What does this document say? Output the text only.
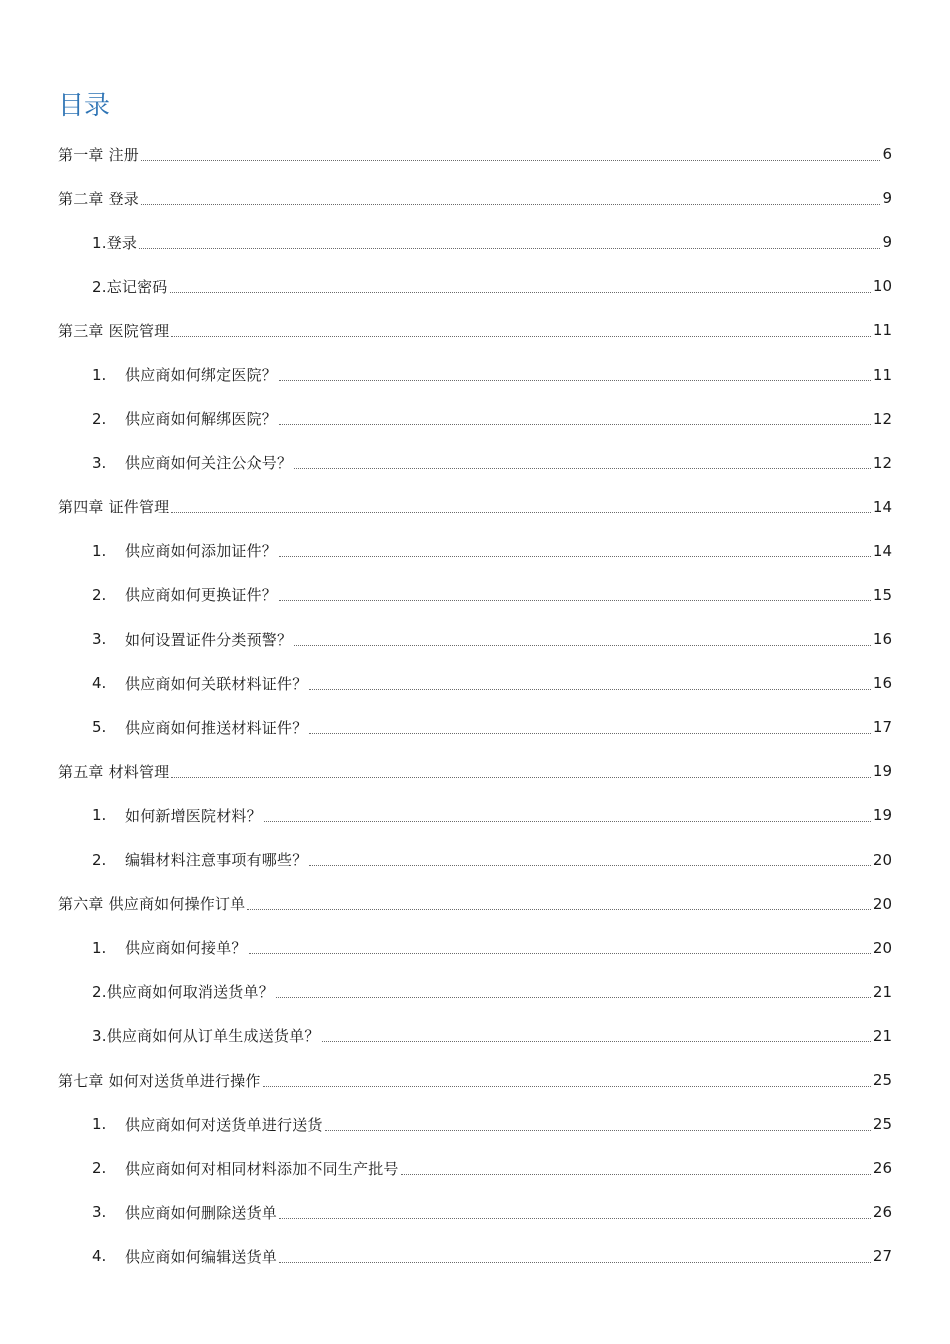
目录
第一章 注册	6
第二章 登录	9
1.登录	9
2.忘记密码	10
第三章 医院管理	11
1.	供应商如何绑定医院？	11
2.	供应商如何解绑医院？	12
3.	供应商如何关注公众号？	12
第四章 证件管理	14
1.	供应商如何添加证件？	14
2.	供应商如何更换证件？	15
3.	如何设置证件分类预警？	16
4.	供应商如何关联材料证件？	16
5.	供应商如何推送材料证件？	17
第五章 材料管理	19
1.	如何新增医院材料？	19
2.	编辑材料注意事项有哪些？	20
第六章 供应商如何操作订单	20
1.	供应商如何接单？	20
2.供应商如何取消送货单？	21
3.供应商如何从订单生成送货单？	21
第七章 如何对送货单进行操作	25
1.	供应商如何对送货单进行送货	25
2.	供应商如何对相同材料添加不同生产批号	26
3.	供应商如何删除送货单	26
4.	供应商如何编辑送货单	27
